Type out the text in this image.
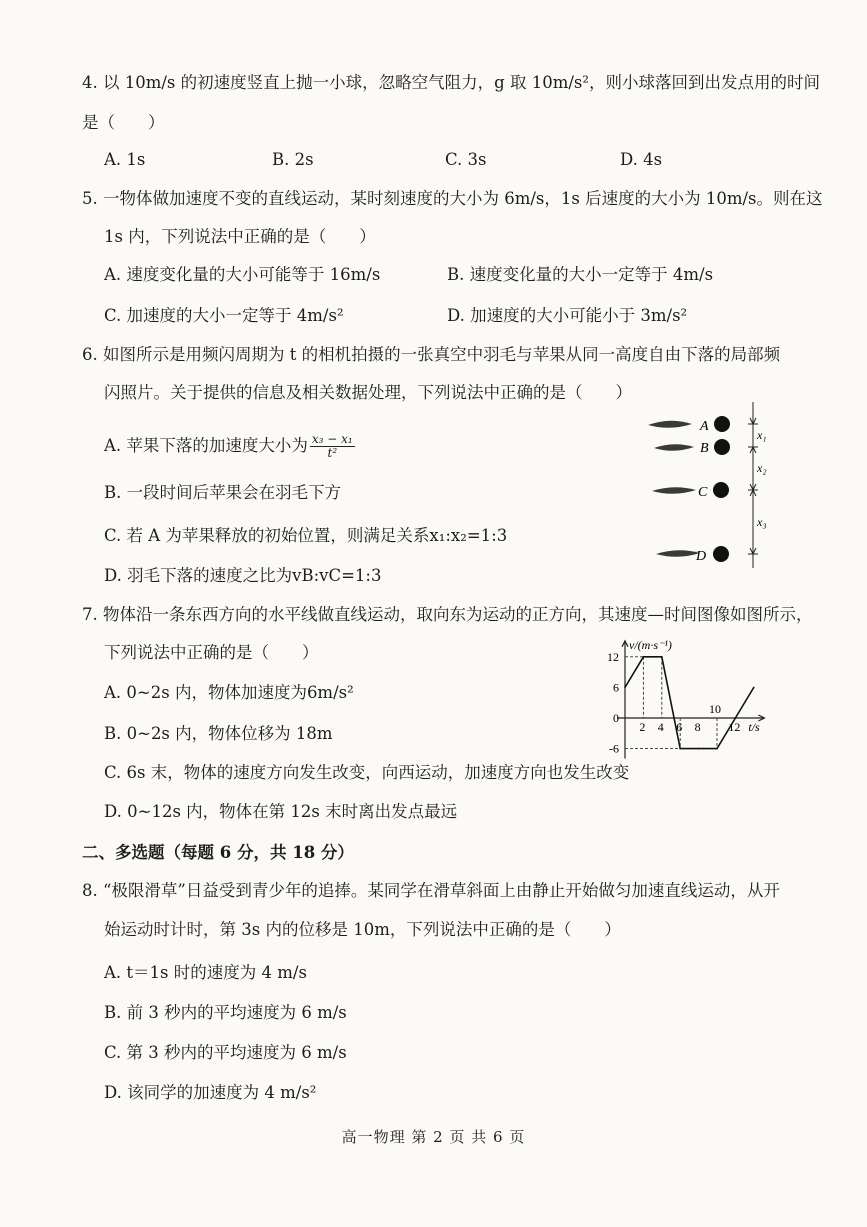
4. 以 10m/s 的初速度竖直上抛一小球，忽略空气阻力，g 取 10m/s²，则小球落回到出发点用的时间
是（　　）
A. 1s	B. 2s	C. 3s	D. 4s
5. 一物体做加速度不变的直线运动，某时刻速度的大小为 6m/s，1s 后速度的大小为 10m/s。则在这
1s 内，下列说法中正确的是（　　）
A. 速度变化量的大小可能等于 16m/s	B. 速度变化量的大小一定等于 4m/s
C. 加速度的大小一定等于 4m/s²	D. 加速度的大小可能小于 3m/s²
6. 如图所示是用频闪周期为 t 的相机拍摄的一张真空中羽毛与苹果从同一高度自由下落的局部频
闪照片。关于提供的信息及相关数据处理，下列说法中正确的是（　　）
A. 苹果下落的加速度大小为 $\frac{\text{x₃ − x₁}}{\text{t²}}$
B. 一段时间后苹果会在羽毛下方
C. 若 A 为苹果释放的初始位置，则满足关系x₁:x₂=1:3
D. 羽毛下落的速度之比为vB:vC=1:3
A
B
C
D
x₁
x₂
x₃
7. 物体沿一条东西方向的水平线做直线运动，取向东为运动的正方向，其速度—时间图像如图所示，
下列说法中正确的是（　　）
A. 0~2s 内，物体加速度为6m/s²
B. 0~2s 内，物体位移为 18m
C. 6s 末，物体的速度方向发生改变，向西运动，加速度方向也发生改变
D. 0~12s 内，物体在第 12s 末时离出发点最远
2 4 6 8
10
12
12
6
0
-6
v/(m·s⁻¹)
t/s
二、多选题（每题 6 分，共 18 分）
8. “极限滑草”日益受到青少年的追捧。某同学在滑草斜面上由静止开始做匀加速直线运动，从开
始运动时计时，第 3s 内的位移是 10m，下列说法中正确的是（　　）
A. t＝1s 时的速度为 4 m/s
B. 前 3 秒内的平均速度为 6 m/s
C. 第 3 秒内的平均速度为 6 m/s
D. 该同学的加速度为 4 m/s²
高一物理 第 2 页 共 6 页
